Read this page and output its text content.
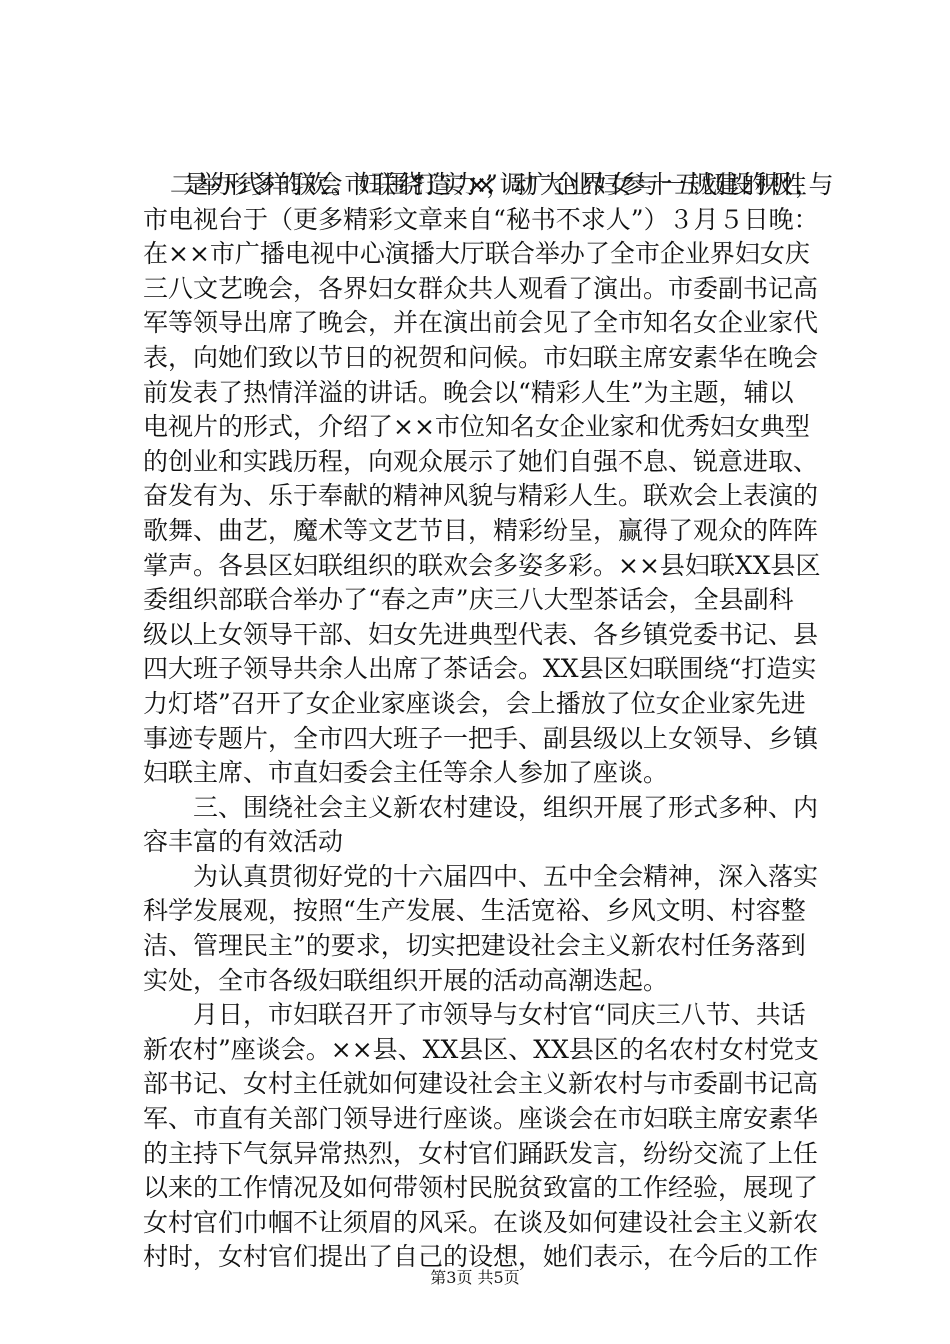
　　二是举办形式多样的联欢会。市妇联围绕“打造实力××”，调动广大企业界妇女参与十一五规划建设的积极性，与
市电视台于（更多精彩文章来自“秘书不求人”）３月５日晚：
在××市广播电视中心演播大厅联合举办了全市企业界妇女庆
三八文艺晚会，各界妇女群众共人观看了演出。市委副书记高
军等领导出席了晚会，并在演出前会见了全市知名女企业家代
表，向她们致以节日的祝贺和问候。市妇联主席安素华在晚会
前发表了热情洋溢的讲话。晚会以“精彩人生”为主题，辅以
电视片的形式，介绍了××市位知名女企业家和优秀妇女典型
的创业和实践历程，向观众展示了她们自强不息、锐意进取、
奋发有为、乐于奉献的精神风貌与精彩人生。联欢会上表演的
歌舞、曲艺，魔术等文艺节目，精彩纷呈，赢得了观众的阵阵
掌声。各县区妇联组织的联欢会多姿多彩。××县妇联XX县区
委组织部联合举办了“春之声”庆三八大型茶话会，全县副科
级以上女领导干部、妇女先进典型代表、各乡镇党委书记、县
四大班子领导共余人出席了茶话会。XX县区妇联围绕“打造实
力灯塔”召开了女企业家座谈会，会上播放了位女企业家先进
事迹专题片，全市四大班子一把手、副县级以上女领导、乡镇
妇联主席、市直妇委会主任等余人参加了座谈。
　　三、围绕社会主义新农村建设，组织开展了形式多种、内
容丰富的有效活动
　　为认真贯彻好党的十六届四中、五中全会精神，深入落实
科学发展观，按照“生产发展、生活宽裕、乡风文明、村容整
洁、管理民主”的要求，切实把建设社会主义新农村任务落到
实处，全市各级妇联组织开展的活动高潮迭起。
　　月日，市妇联召开了市领导与女村官“同庆三八节、共话
新农村”座谈会。××县、XX县区、XX县区的名农村女村党支
部书记、女村主任就如何建设社会主义新农村与市委副书记高
军、市直有关部门领导进行座谈。座谈会在市妇联主席安素华
的主持下气氛异常热烈，女村官们踊跃发言，纷纷交流了上任
以来的工作情况及如何带领村民脱贫致富的工作经验，展现了
女村官们巾帼不让须眉的风采。在谈及如何建设社会主义新农
村时，女村官们提出了自己的设想，她们表示，在今后的工作
第3页 共5页
